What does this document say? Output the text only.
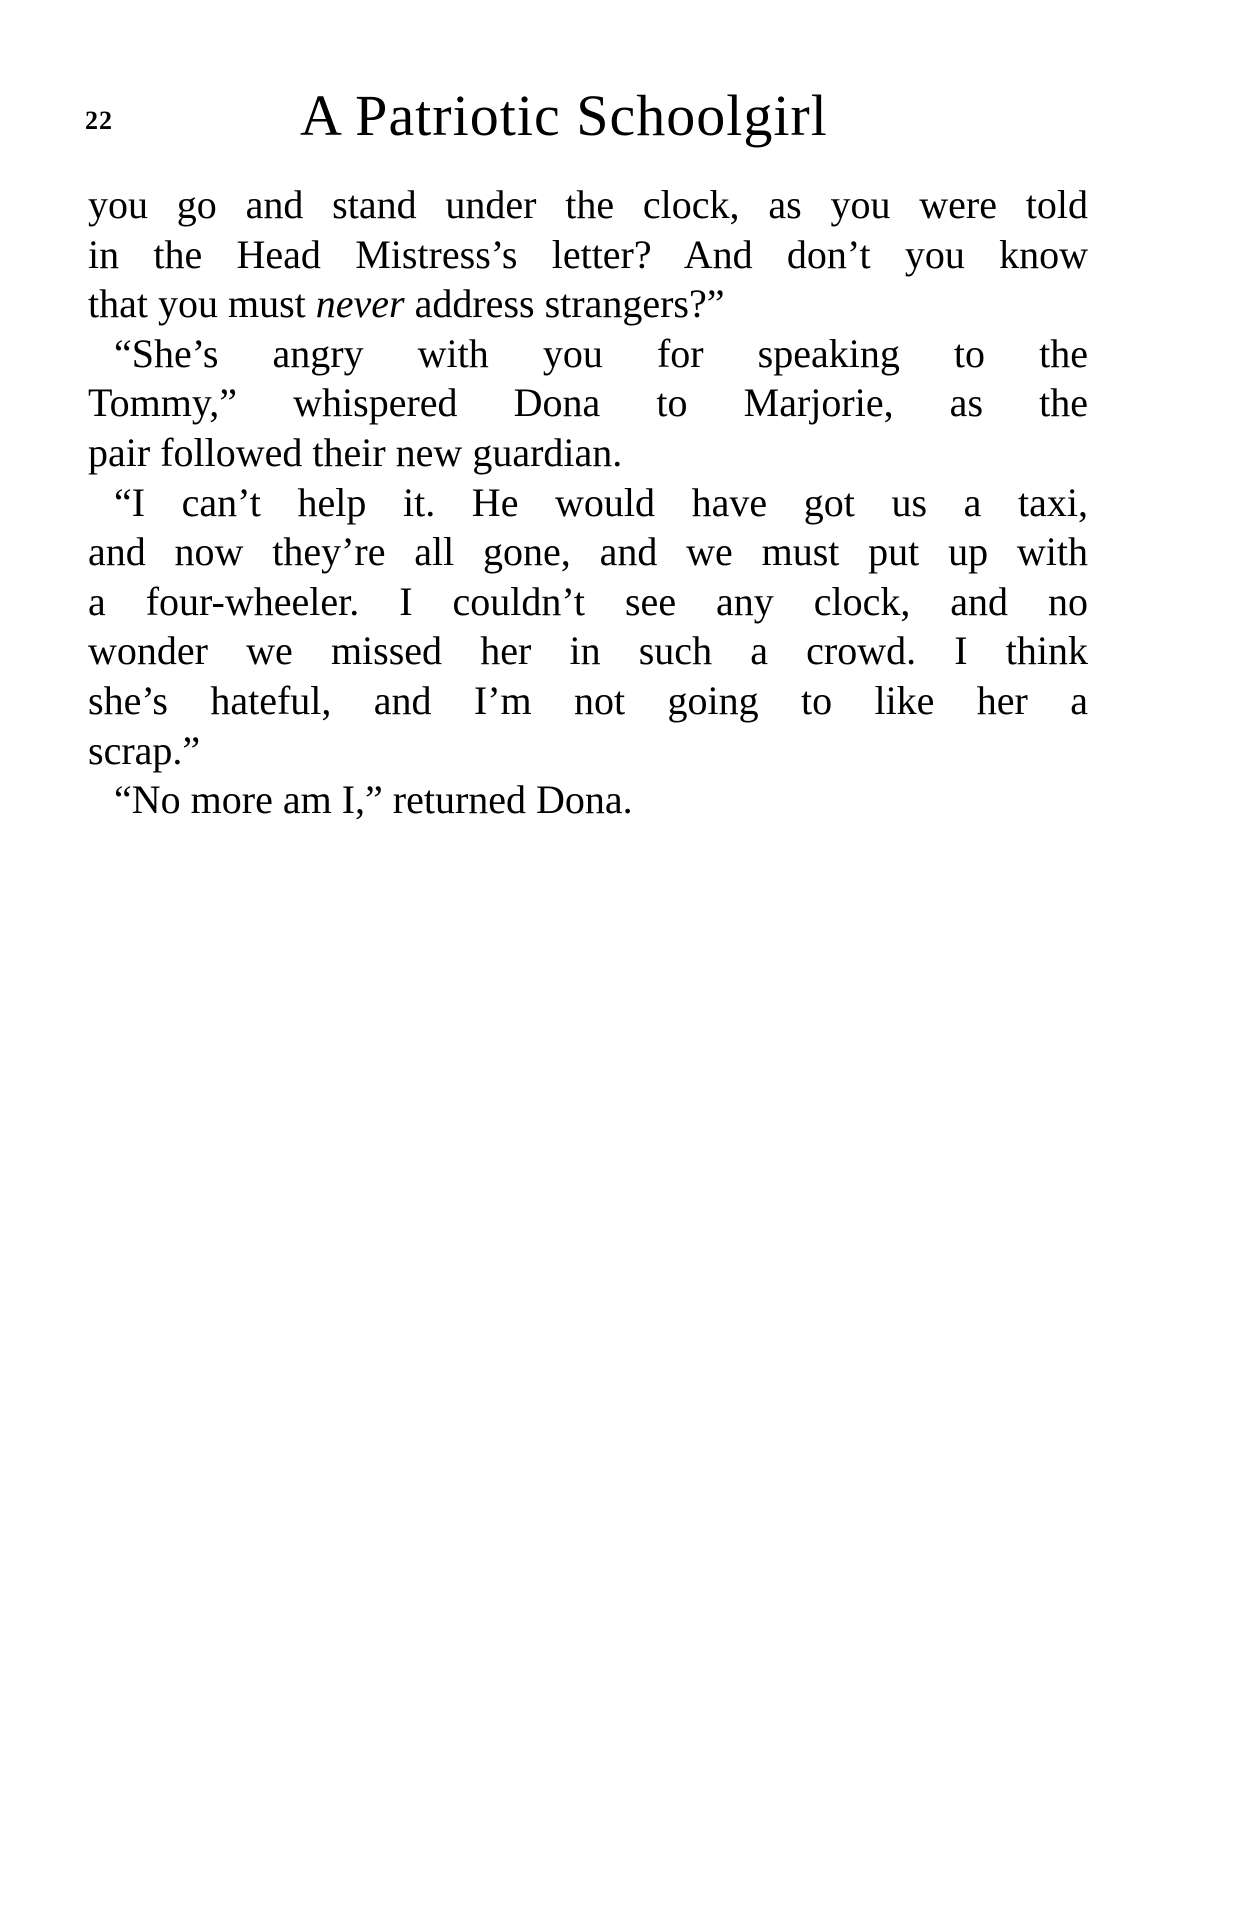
22	A Patriotic Schoolgirl
you go and stand under the clock, as you were told
in the Head Mistress’s letter? And don’t you know
that you must never address strangers?”
“She’s angry with you for speaking to the
Tommy,” whispered Dona to Marjorie, as the
pair followed their new guardian.
“I can’t help it. He would have got us a taxi,
and now they’re all gone, and we must put up with
a four-wheeler. I couldn’t see any clock, and no
wonder we missed her in such a crowd. I think
she’s hateful, and I’m not going to like her a
scrap.”
“No more am I,” returned Dona.
